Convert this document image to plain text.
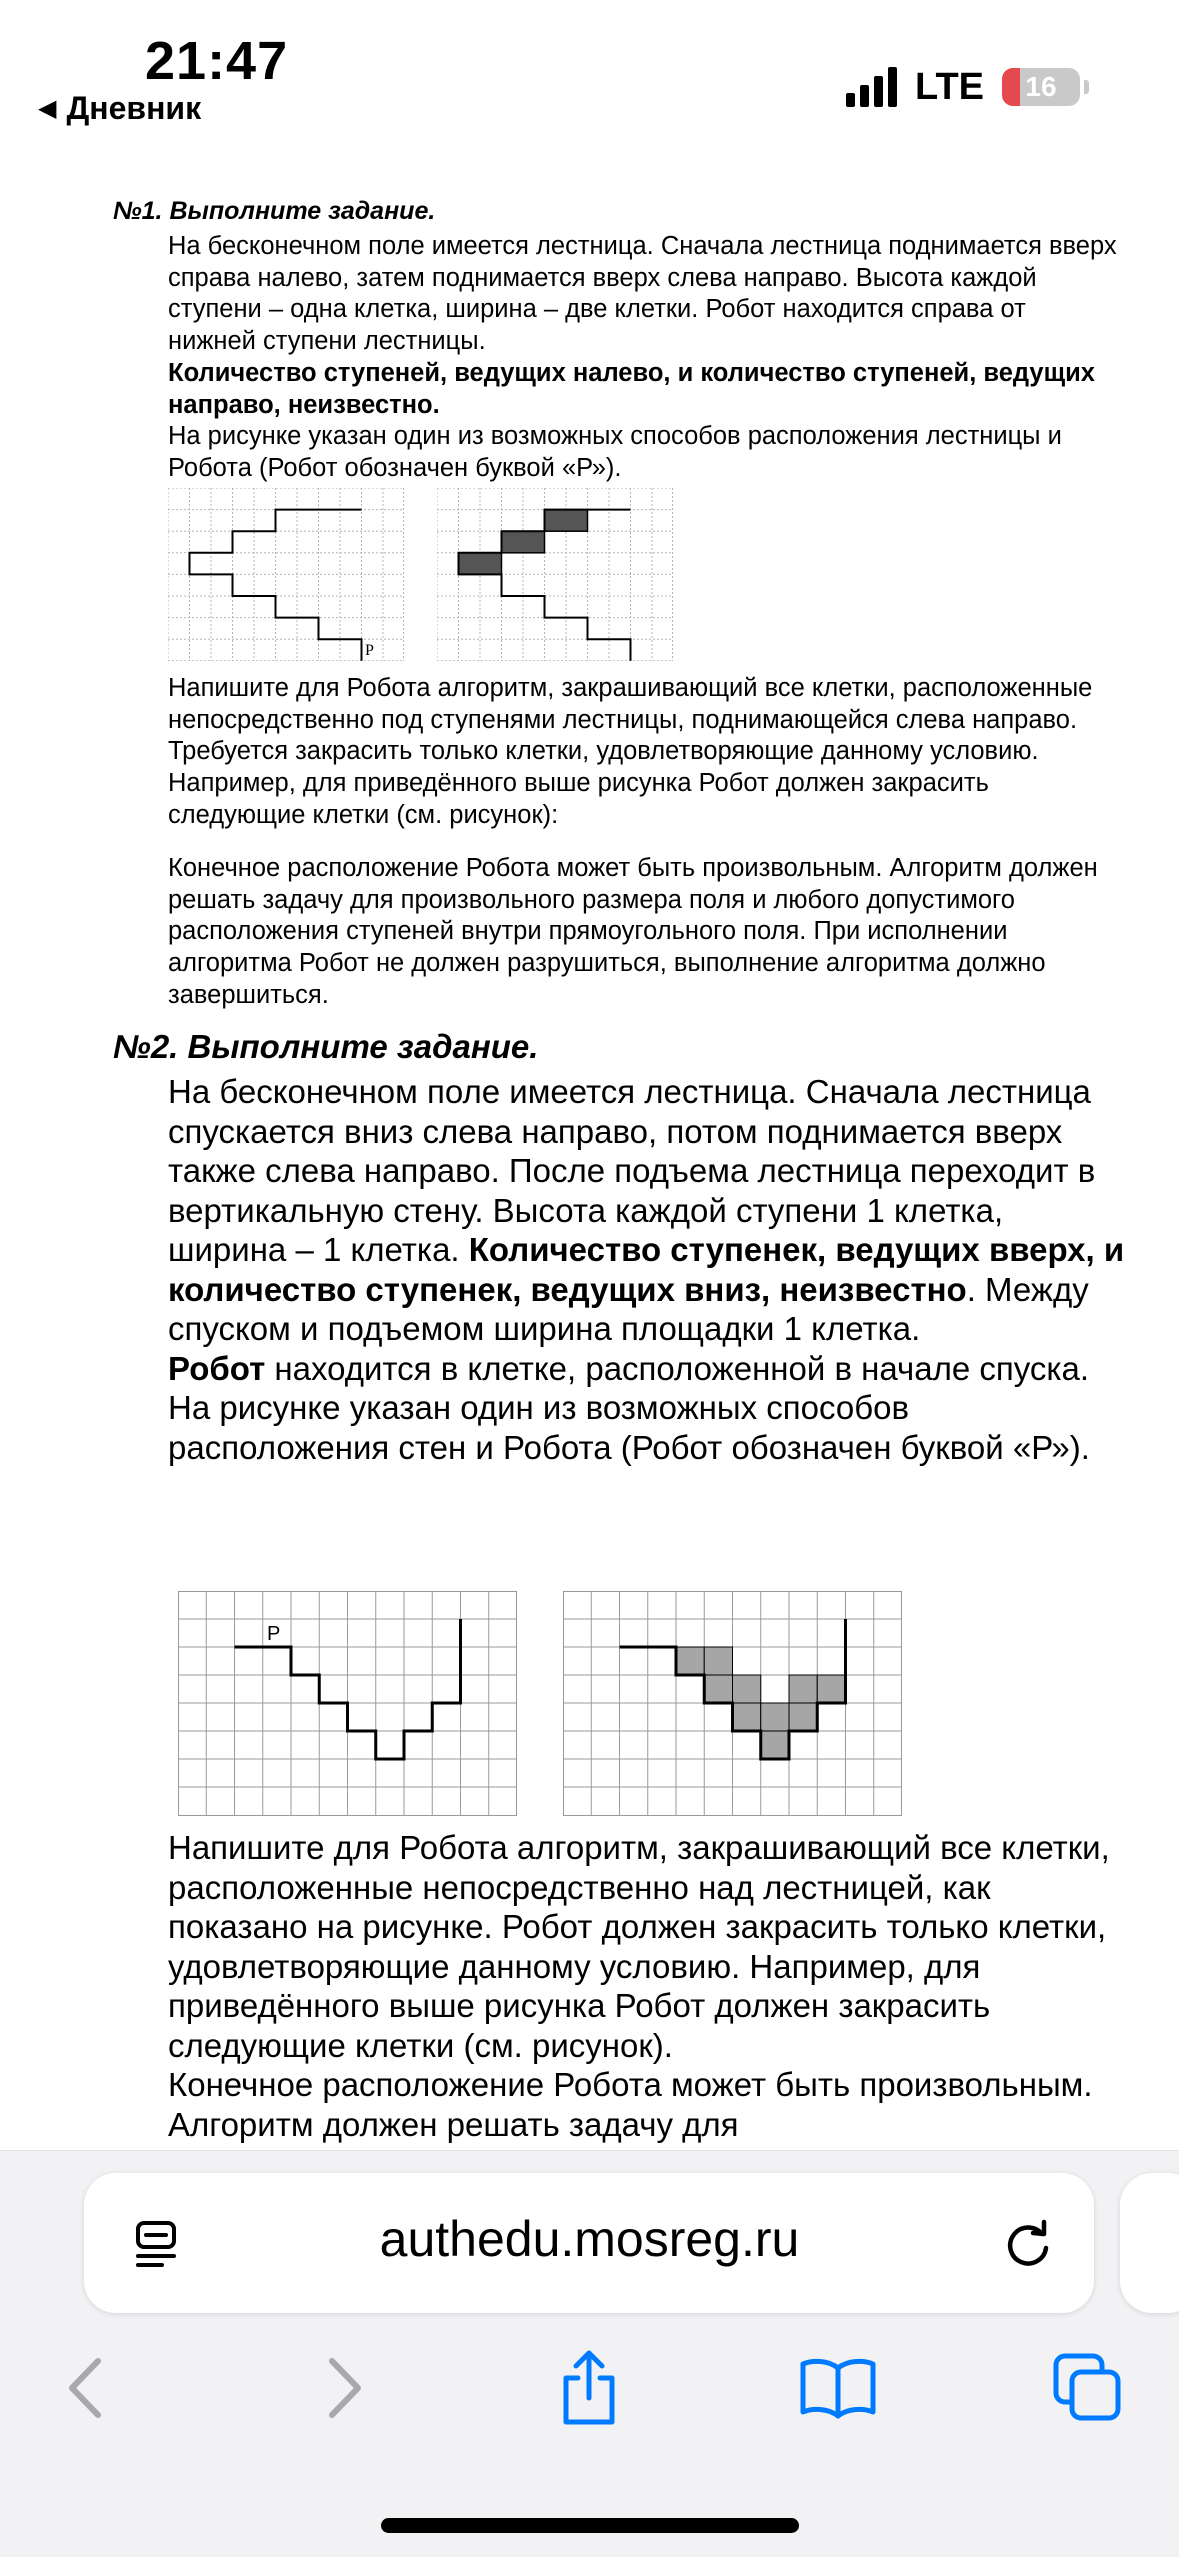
21:47
◀ Дневник
LTE	16
№1. Выполните задание.

На бесконечном поле имеется лестница. Сначала лестница поднимается вверх справа налево, затем поднимается вверх слева направо. Высота каждой ступени – одна клетка, ширина – две клетки. Робот находится справа от нижней ступени лестницы.

Количество ступеней, ведущих налево, и количество ступеней, ведущих направо, неизвестно.

На рисунке указан один из возможных способов расположения лестницы и Робота (Робот обозначен буквой «Р»).

Р

Напишите для Робота алгоритм, закрашивающий все клетки, расположенные непосредственно под ступенями лестницы, поднимающейся слева направо. Требуется закрасить только клетки, удовлетворяющие данному условию. Например, для приведённого выше рисунка Робот должен закрасить следующие клетки (см. рисунок):

Конечное расположение Робота может быть произвольным. Алгоритм должен решать задачу для произвольного размера поля и любого допустимого расположения ступеней внутри прямоугольного поля. При исполнении алгоритма Робот не должен разрушиться, выполнение алгоритма должно завершиться.

№2. Выполните задание.

На бесконечном поле имеется лестница. Сначала лестница спускается вниз слева направо, потом поднимается вверх также слева направо. После подъема лестница переходит в вертикальную стену. Высота каждой ступени 1 клетка, ширина – 1 клетка. Количество ступенек, ведущих вверх, и количество ступенек, ведущих вниз, неизвестно. Между спуском и подъемом ширина площадки 1 клетка.

Робот находится в клетке, расположенной в начале спуска.

На рисунке указан один из возможных способов расположения стен и Робота (Робот обозначен буквой «Р»).

Р

Напишите для Робота алгоритм, закрашивающий все клетки, расположенные непосредственно над лестницей, как показано на рисунке. Робот должен закрасить только клетки, удовлетворяющие данному условию. Например, для приведённого выше рисунка Робот должен закрасить следующие клетки (см. рисунок).

Конечное расположение Робота может быть произвольным. Алгоритм должен решать задачу для

authedu.mosreg.ru
